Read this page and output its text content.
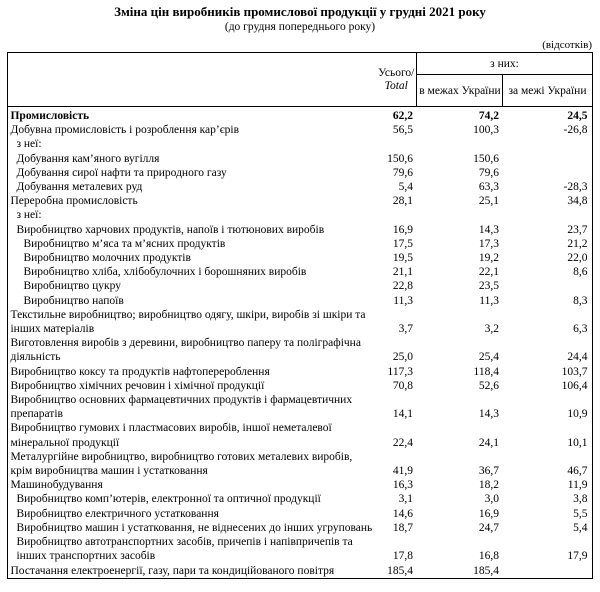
Зміна цін виробників промислової продукції у грудні 2021 року
(до грудня попереднього року)
(відсотків)
	Усього/
Total	з них:	
		в межах України	за межі України
Промисловість	62,2	74,2	24,5
Добувна промисловість і розроблення кар’єрів	56,5	100,3	-26,8
з неї:			
Добування кам’яного вугілля	150,6	150,6	
Добування сирої нафти та природного газу	79,6	79,6	
Добування металевих руд	5,4	63,3	-28,3
Переробна промисловість	28,1	25,1	34,8
з неї:			
Виробництво харчових продуктів, напоїв і тютюнових виробів	16,9	14,3	23,7
Виробництво м’яса та м’ясних продуктів	17,5	17,3	21,2
Виробництво молочних продуктів	19,5	19,2	22,0
Виробництво хліба, хлібобулочних і борошняних виробів	21,1	22,1	8,6
Виробництво цукру	22,8	23,5	
Виробництво напоїв	11,3	11,3	8,3
Текстильне виробництво; виробництво одягу, шкіри, виробів зі шкіри та інших матеріалів	3,7	3,2	6,3
Виготовлення виробів з деревини, виробництво паперу та поліграфічна діяльність	25,0	25,4	24,4
Виробництво коксу та продуктів нафтоперероблення	117,3	118,4	103,7
Виробництво хімічних речовин і хімічної продукції	70,8	52,6	106,4
Виробництво основних фармацевтичних продуктів і фармацевтичних препаратів	14,1	14,3	10,9
Виробництво гумових і пластмасових виробів, іншої неметалевої мінеральної продукції	22,4	24,1	10,1
Металургійне виробництво, виробництво готових металевих виробів, крім виробництва машин і устатковання	41,9	36,7	46,7
Машинобудування	16,3	18,2	11,9
Виробництво комп’ютерів, електронної та оптичної продукції	3,1	3,0	3,8
Виробництво електричного устатковання	14,6	16,9	5,5
Виробництво машин і устатковання, не віднесених до інших угруповань	18,7	24,7	5,4
Виробництво автотранспортних засобів, причепів і напівпричепів та інших транспортних засобів	17,8	16,8	17,9
Постачання електроенергії, газу, пари та кондиційованого повітря	185,4	185,4	
